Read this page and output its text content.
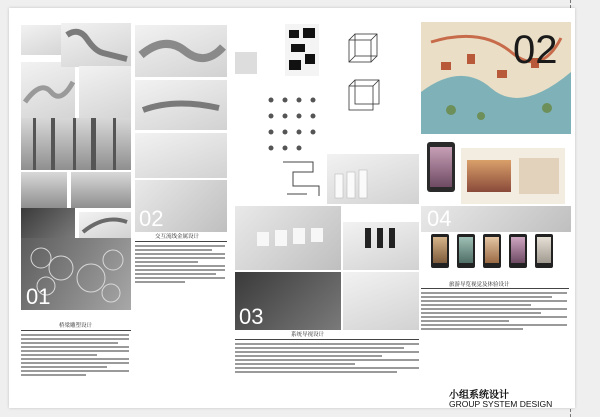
01
桥梁雕塑设计
02
交互流线金属设计
03
系统导视设计
02
04
旅游导览视觉及体验设计
小组系统设计
GROUP SYSTEM DESIGN
